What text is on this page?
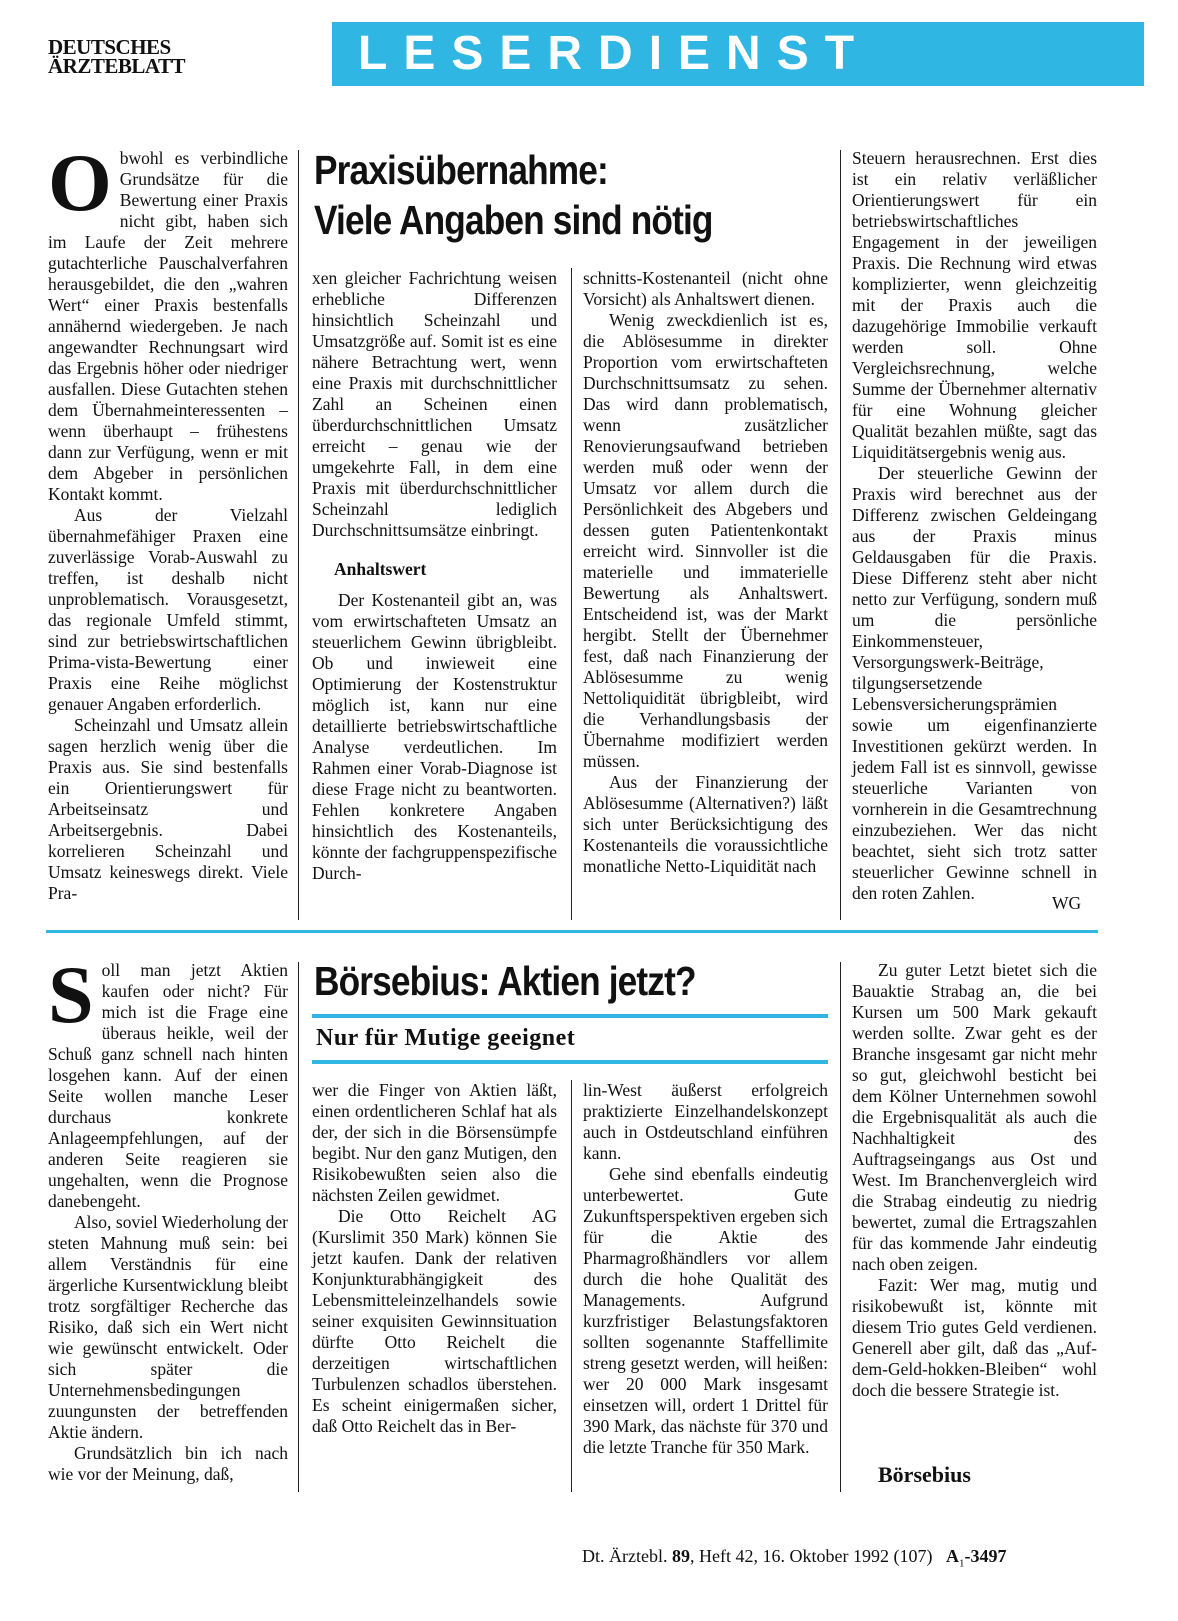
DEUTSCHES
ÄRZTEBLATT	LESERDIENST

Obwohl es verbindliche Grundsätze für die Bewertung einer Praxis nicht gibt, haben sich im Laufe der Zeit mehrere gutachterliche Pauschalverfahren herausgebildet, die den „wahren Wert“ einer Praxis bestenfalls annähernd wiedergeben. Je nach angewandter Rechnungsart wird das Ergebnis höher oder niedriger ausfallen. Diese Gutachten stehen dem Übernahmeinteressenten – wenn überhaupt – frühestens dann zur Verfügung, wenn er mit dem Abgeber in persönlichen Kontakt kommt.

Aus der Vielzahl übernahmefähiger Praxen eine zuverlässige Vorab-Auswahl zu treffen, ist deshalb nicht unproblematisch. Vorausgesetzt, das regionale Umfeld stimmt, sind zur betriebswirtschaftlichen Prima-vista-Bewertung einer Praxis eine Reihe möglichst genauer Angaben erforderlich.

Scheinzahl und Umsatz allein sagen herzlich wenig über die Praxis aus. Sie sind bestenfalls ein Orientierungswert für Arbeitseinsatz und Arbeitsergebnis. Dabei korrelieren Scheinzahl und Umsatz keineswegs direkt. Viele Pra-

Praxisübernahme:
Viele Angaben sind nötig

xen gleicher Fachrichtung weisen erhebliche Differenzen hinsichtlich Scheinzahl und Umsatzgröße auf. Somit ist es eine nähere Betrachtung wert, wenn eine Praxis mit durchschnittlicher Zahl an Scheinen einen überdurchschnittlichen Umsatz erreicht – genau wie der umgekehrte Fall, in dem eine Praxis mit überdurchschnittlicher Scheinzahl lediglich Durchschnittsumsätze einbringt.

Anhaltswert

Der Kostenanteil gibt an, was vom erwirtschafteten Umsatz an steuerlichem Gewinn übrigbleibt. Ob und inwieweit eine Optimierung der Kostenstruktur möglich ist, kann nur eine detaillierte betriebswirtschaftliche Analyse verdeutlichen. Im Rahmen einer Vorab-Diagnose ist diese Frage nicht zu beantworten. Fehlen konkretere Angaben hinsichtlich des Kostenanteils, könnte der fachgruppenspezifische Durch-

schnitts-Kostenanteil (nicht ohne Vorsicht) als Anhaltswert dienen.

Wenig zweckdienlich ist es, die Ablösesumme in direkter Proportion vom erwirtschafteten Durchschnittsumsatz zu sehen. Das wird dann problematisch, wenn zusätzlicher Renovierungsaufwand betrieben werden muß oder wenn der Umsatz vor allem durch die Persönlichkeit des Abgebers und dessen guten Patientenkontakt erreicht wird. Sinnvoller ist die materielle und immaterielle Bewertung als Anhaltswert. Entscheidend ist, was der Markt hergibt. Stellt der Übernehmer fest, daß nach Finanzierung der Ablösesumme zu wenig Nettoliquidität übrigbleibt, wird die Verhandlungsbasis der Übernahme modifiziert werden müssen.

Aus der Finanzierung der Ablösesumme (Alternativen?) läßt sich unter Berücksichtigung des Kostenanteils die voraussichtliche monatliche Netto-Liquidität nach

Steuern herausrechnen. Erst dies ist ein relativ verläßlicher Orientierungswert für ein betriebswirtschaftliches Engagement in der jeweiligen Praxis. Die Rechnung wird etwas komplizierter, wenn gleichzeitig mit der Praxis auch die dazugehörige Immobilie verkauft werden soll. Ohne Vergleichsrechnung, welche Summe der Übernehmer alternativ für eine Wohnung gleicher Qualität bezahlen müßte, sagt das Liquiditätsergebnis wenig aus.

Der steuerliche Gewinn der Praxis wird berechnet aus der Differenz zwischen Geldeingang aus der Praxis minus Geldausgaben für die Praxis. Diese Differenz steht aber nicht netto zur Verfügung, sondern muß um die persönliche Einkommensteuer, Versorgungswerk-Beiträge, tilgungsersetzende Lebensversicherungsprämien sowie um eigenfinanzierte Investitionen gekürzt werden. In jedem Fall ist es sinnvoll, gewisse steuerliche Varianten von vornherein in die Gesamtrechnung einzubeziehen. Wer das nicht beachtet, sieht sich trotz satter steuerlicher Gewinne schnell in den roten Zahlen.	WG

Soll man jetzt Aktien kaufen oder nicht? Für mich ist die Frage eine überaus heikle, weil der Schuß ganz schnell nach hinten losgehen kann. Auf der einen Seite wollen manche Leser durchaus konkrete Anlageempfehlungen, auf der anderen Seite reagieren sie ungehalten, wenn die Prognose danebengeht.

Also, soviel Wiederholung der steten Mahnung muß sein: bei allem Verständnis für eine ärgerliche Kursentwicklung bleibt trotz sorgfältiger Recherche das Risiko, daß sich ein Wert nicht wie gewünscht entwickelt. Oder sich später die Unternehmensbedingungen zuungunsten der betreffenden Aktie ändern.

Grundsätzlich bin ich nach wie vor der Meinung, daß,

Börsebius: Aktien jetzt?
Nur für Mutige geeignet

wer die Finger von Aktien läßt, einen ordentlicheren Schlaf hat als der, der sich in die Börsensümpfe begibt. Nur den ganz Mutigen, den Risikobewußten seien also die nächsten Zeilen gewidmet.

Die Otto Reichelt AG (Kurslimit 350 Mark) können Sie jetzt kaufen. Dank der relativen Konjunkturabhängigkeit des Lebensmitteleinzelhandels sowie seiner exquisiten Gewinnsituation dürfte Otto Reichelt die derzeitigen wirtschaftlichen Turbulenzen schadlos überstehen. Es scheint einigermaßen sicher, daß Otto Reichelt das in Ber-

lin-West äußerst erfolgreich praktizierte Einzelhandelskonzept auch in Ostdeutschland einführen kann.

Gehe sind ebenfalls eindeutig unterbewertet. Gute Zukunftsperspektiven ergeben sich für die Aktie des Pharmagroßhändlers vor allem durch die hohe Qualität des Managements. Aufgrund kurzfristiger Belastungsfaktoren sollten sogenannte Staffellimite streng gesetzt werden, will heißen: wer 20 000 Mark insgesamt einsetzen will, ordert 1 Drittel für 390 Mark, das nächste für 370 und die letzte Tranche für 350 Mark.

Zu guter Letzt bietet sich die Bauaktie Strabag an, die bei Kursen um 500 Mark gekauft werden sollte. Zwar geht es der Branche insgesamt gar nicht mehr so gut, gleichwohl besticht bei dem Kölner Unternehmen sowohl die Ergebnisqualität als auch die Nachhaltigkeit des Auftragseingangs aus Ost und West. Im Branchenvergleich wird die Strabag eindeutig zu niedrig bewertet, zumal die Ertragszahlen für das kommende Jahr eindeutig nach oben zeigen.

Fazit: Wer mag, mutig und risikobewußt ist, könnte mit diesem Trio gutes Geld verdienen. Generell aber gilt, daß das „Auf-dem-Geld-hokken-Bleiben“ wohl doch die bessere Strategie ist.

Börsebius
Dt. Ärztebl. 89, Heft 42, 16. Oktober 1992 (107) $A_1-3497$
